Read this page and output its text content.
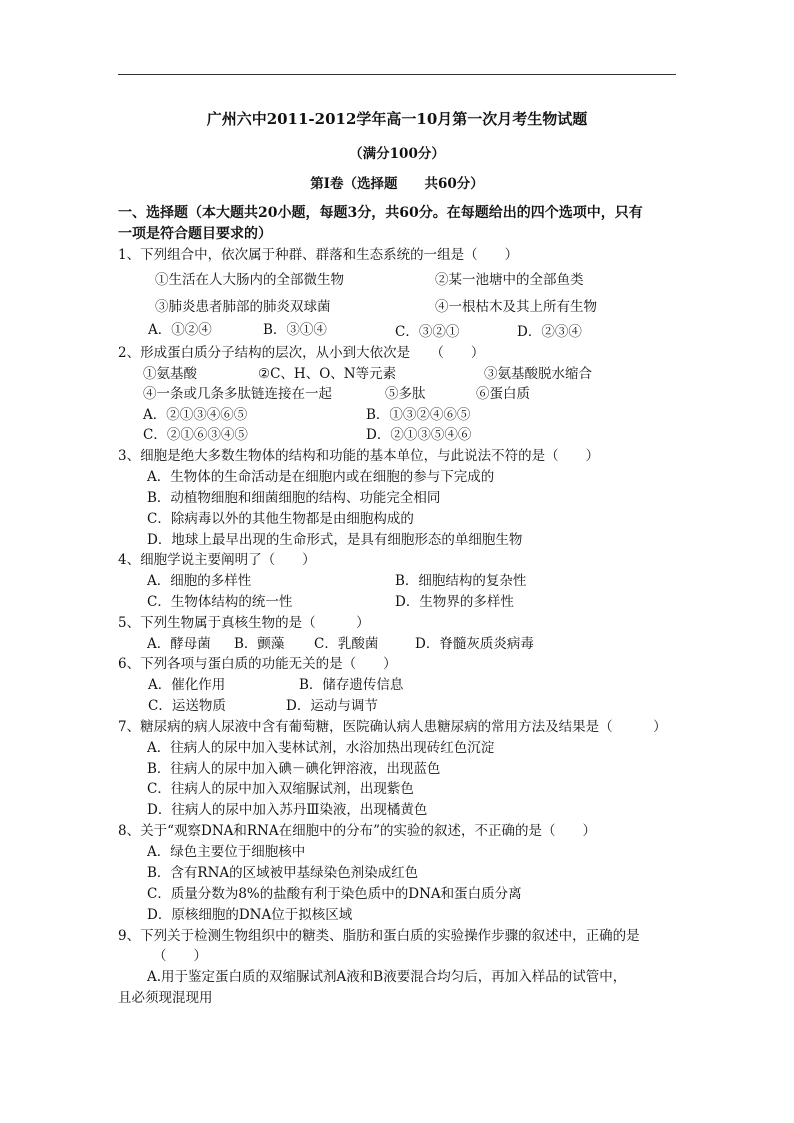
广州六中2011-2012学年高一10月第一次月考生物试题
（满分100分）
第Ⅰ卷（选择题　　共60分）
一、选择题（本大题共20小题，每题3分，共60分。在每题给出的四个选项中，只有
一项是符合题目要求的）
1、下列组合中，依次属于种群、群落和生态系统的一组是（　　）
①生活在人大肠内的全部微生物	②某一池塘中的全部鱼类
③肺炎患者肺部的肺炎双球菌	④一根枯木及其上所有生物
A．①②④	B．③①④	C．③②①	D．②③④
2、形成蛋白质分子结构的层次，从小到大依次是　　（　　）
①氨基酸	②C、H、O、N等元素	③氨基酸脱水缩合
④一条或几条多肽链连接在一起	⑤多肽	⑥蛋白质
A．②①③④⑥⑤	B．①③②④⑥⑤
C．②①⑥③④⑤	D．②①③⑤④⑥
3、细胞是绝大多数生物体的结构和功能的基本单位，与此说法不符的是（　　）
A．生物体的生命活动是在细胞内或在细胞的参与下完成的
B．动植物细胞和细菌细胞的结构、功能完全相同
C．除病毒以外的其他生物都是由细胞构成的
D．地球上最早出现的生命形式，是具有细胞形态的单细胞生物
4、细胞学说主要阐明了（　　）
A．细胞的多样性	B．细胞结构的复杂性
C．生物体结构的统一性	D．生物界的多样性
5、下列生物属于真核生物的是（　　　）
A．酵母菌 B．颤藻 C．乳酸菌	D．脊髓灰质炎病毒
6、下列各项与蛋白质的功能无关的是（　　）
A．催化作用	B．储存遗传信息
C．运送物质	D．运动与调节
7、糖尿病的病人尿液中含有葡萄糖，医院确认病人患糖尿病的常用方法及结果是（　　　）
A．往病人的尿中加入斐林试剂，水浴加热出现砖红色沉淀
B．往病人的尿中加入碘－碘化钾溶液，出现蓝色
C．往病人的尿中加入双缩脲试剂，出现紫色
D．往病人的尿中加入苏丹Ⅲ染液，出现橘黄色
8、关于“观察DNA和RNA在细胞中的分布”的实验的叙述，不正确的是（　　）
A．绿色主要位于细胞核中
B．含有RNA的区域被甲基绿染色剂染成红色
C．质量分数为8%的盐酸有利于染色质中的DNA和蛋白质分离
D．原核细胞的DNA位于拟核区域
9、下列关于检测生物组织中的糖类、脂肪和蛋白质的实验操作步骤的叙述中，正确的是
（　　）
A.用于鉴定蛋白质的双缩脲试剂A液和B液要混合均匀后，再加入样品的试管中，
且必须现混现用
